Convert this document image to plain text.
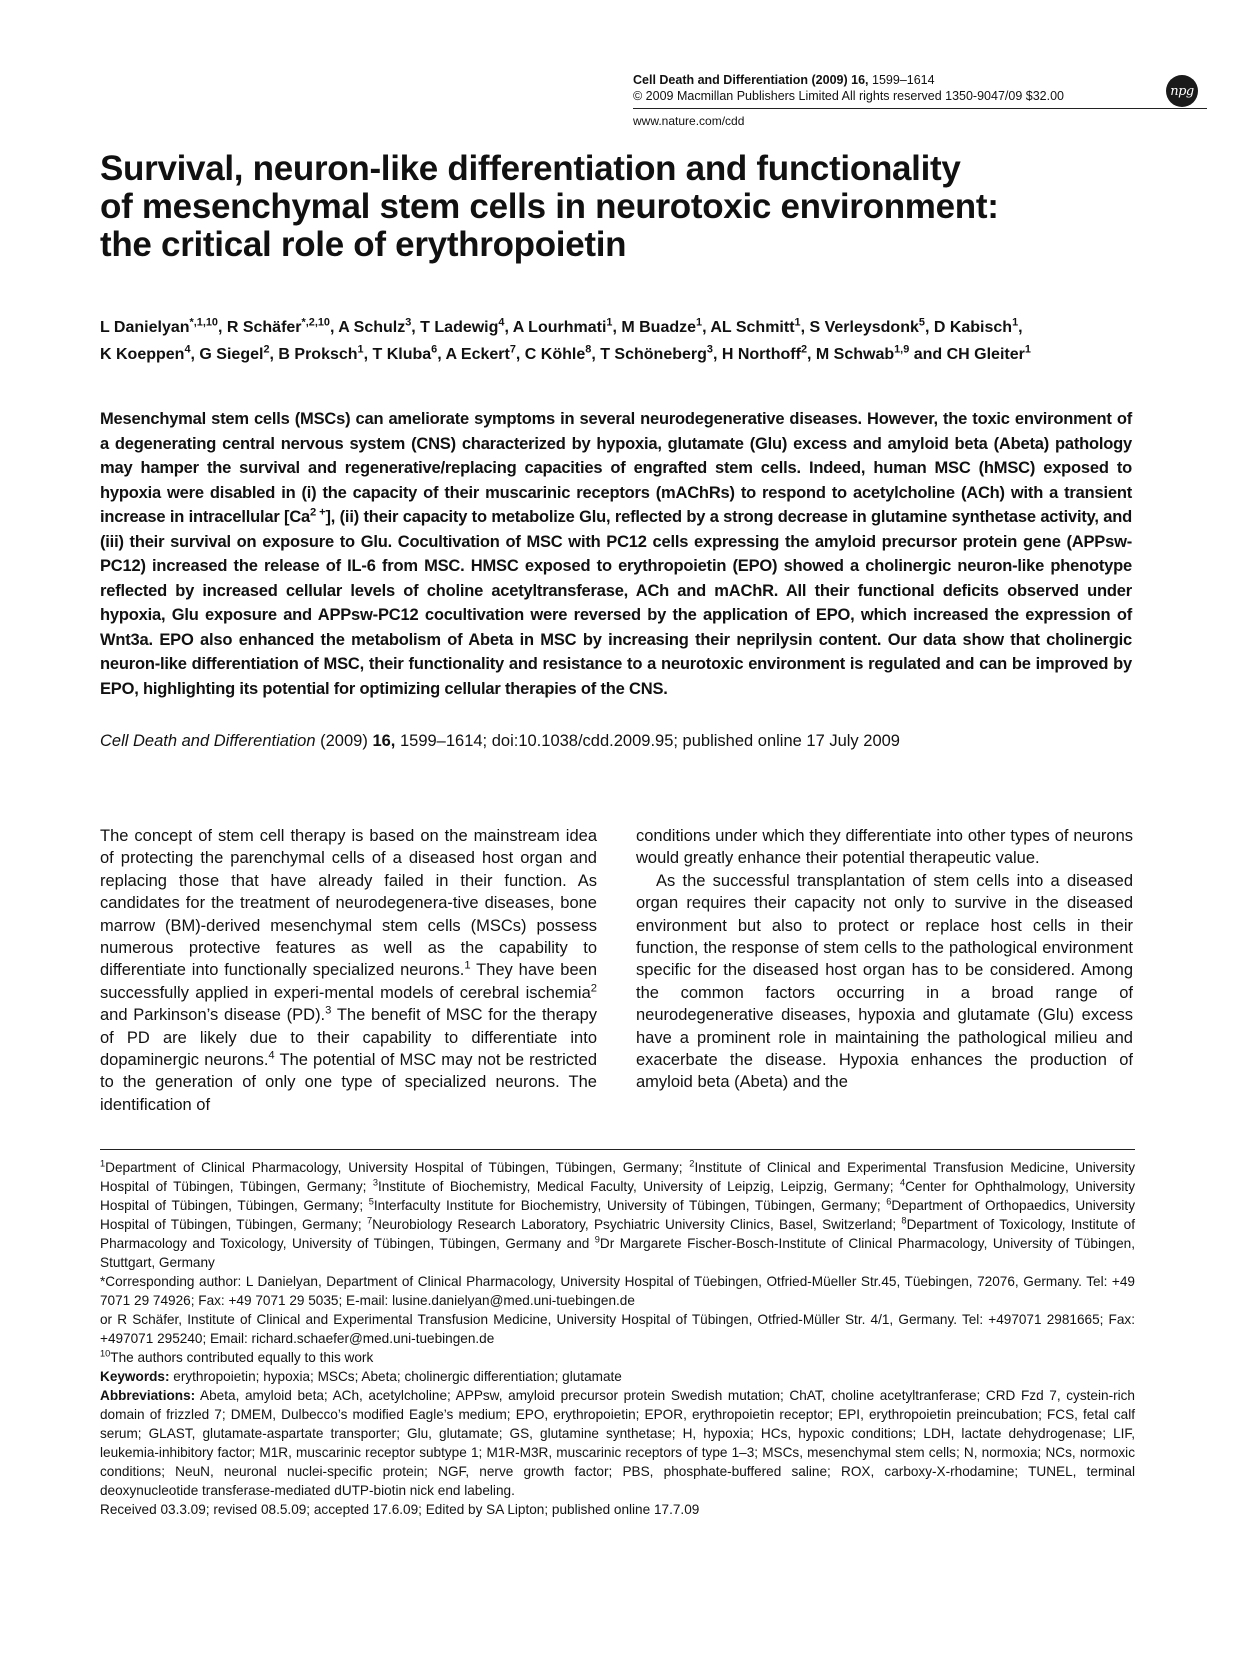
Cell Death and Differentiation (2009) 16, 1599–1614
© 2009 Macmillan Publishers Limited All rights reserved 1350-9047/09 $32.00
www.nature.com/cdd
npg
Survival, neuron-like differentiation and functionality
of mesenchymal stem cells in neurotoxic environment:
the critical role of erythropoietin
L Danielyan$^{*,1,10}$, R Schäfer$^{*,2,10}$, A Schulz$^3$, T Ladewig$^4$, A Lourhmati$^1$, M Buadze$^1$, AL Schmitt$^1$, S Verleysdonk$^5$, D Kabisch$^1$,
K Koeppen$^4$, G Siegel$^2$, B Proksch$^1$, T Kluba$^6$, A Eckert$^7$, C Köhle$^8$, T Schöneberg$^3$, H Northoff$^2$, M Schwab$^{1,9}$ and CH Gleiter$^1$
Mesenchymal stem cells (MSCs) can ameliorate symptoms in several neurodegenerative diseases. However, the toxic environment of a degenerating central nervous system (CNS) characterized by hypoxia, glutamate (Glu) excess and amyloid beta (Abeta) pathology may hamper the survival and regenerative/replacing capacities of engrafted stem cells. Indeed, human MSC (hMSC) exposed to hypoxia were disabled in (i) the capacity of their muscarinic receptors (mAChRs) to respond to acetylcholine (ACh) with a transient increase in intracellular $[Ca^{2 +}]$, (ii) their capacity to metabolize Glu, reflected by a strong decrease in glutamine synthetase activity, and (iii) their survival on exposure to Glu. Cocultivation of MSC with PC12 cells expressing the amyloid precursor protein gene (APPsw-PC12) increased the release of IL-6 from MSC. HMSC exposed to erythropoietin (EPO) showed a cholinergic neuron-like phenotype reflected by increased cellular levels of choline acetyltransferase, ACh and mAChR. All their functional deficits observed under hypoxia, Glu exposure and APPsw-PC12 cocultivation were reversed by the application of EPO, which increased the expression of Wnt3a. EPO also enhanced the metabolism of Abeta in MSC by increasing their neprilysin content. Our data show that cholinergic neuron-like differentiation of MSC, their functionality and resistance to a neurotoxic environment is regulated and can be improved by EPO, highlighting its potential for optimizing cellular therapies of the CNS.
Cell Death and Differentiation (2009) 16, 1599–1614; doi:10.1038/cdd.2009.95; published online 17 July 2009

The concept of stem cell therapy is based on the mainstream idea of protecting the parenchymal cells of a diseased host organ and replacing those that have already failed in their function. As candidates for the treatment of neurodegenera-tive diseases, bone marrow (BM)-derived mesenchymal stem cells (MSCs) possess numerous protective features as well as the capability to differentiate into functionally specialized neurons.$^1$ They have been successfully applied in experi-mental models of cerebral ischemia$^2$ and Parkinson’s disease (PD).$^3$ The benefit of MSC for the therapy of PD are likely due to their capability to differentiate into dopaminergic neurons.$^4$ The potential of MSC may not be restricted to the generation of only one type of specialized neurons. The identification of

conditions under which they differentiate into other types of neurons would greatly enhance their potential therapeutic value.

As the successful transplantation of stem cells into a diseased organ requires their capacity not only to survive in the diseased environment but also to protect or replace host cells in their function, the response of stem cells to the pathological environment specific for the diseased host organ has to be considered. Among the common factors occurring in a broad range of neurodegenerative diseases, hypoxia and glutamate (Glu) excess have a prominent role in maintaining the pathological milieu and exacerbate the disease. Hypoxia enhances the production of amyloid beta (Abeta) and the

$^1$Department of Clinical Pharmacology, University Hospital of Tübingen, Tübingen, Germany; $^2$Institute of Clinical and Experimental Transfusion Medicine, University Hospital of Tübingen, Tübingen, Germany; $^3$Institute of Biochemistry, Medical Faculty, University of Leipzig, Leipzig, Germany; $^4$Center for Ophthalmology, University Hospital of Tübingen, Tübingen, Germany; $^5$Interfaculty Institute for Biochemistry, University of Tübingen, Tübingen, Germany; $^6$Department of Orthopaedics, University Hospital of Tübingen, Tübingen, Germany; $^7$Neurobiology Research Laboratory, Psychiatric University Clinics, Basel, Switzerland; $^8$Department of Toxicology, Institute of Pharmacology and Toxicology, University of Tübingen, Tübingen, Germany and $^9$Dr Margarete Fischer-Bosch-Institute of Clinical Pharmacology, University of Tübingen, Stuttgart, Germany

*Corresponding author: L Danielyan, Department of Clinical Pharmacology, University Hospital of Tüebingen, Otfried-Müeller Str.45, Tüebingen, 72076, Germany. Tel: +49 7071 29 74926; Fax: +49 7071 29 5035; E-mail: lusine.danielyan@med.uni-tuebingen.de

or R Schäfer, Institute of Clinical and Experimental Transfusion Medicine, University Hospital of Tübingen, Otfried-Müller Str. 4/1, Germany. Tel: +497071 2981665; Fax: +497071 295240; Email: richard.schaefer@med.uni-tuebingen.de

$^{10}$The authors contributed equally to this work

Keywords: erythropoietin; hypoxia; MSCs; Abeta; cholinergic differentiation; glutamate

Abbreviations: Abeta, amyloid beta; ACh, acetylcholine; APPsw, amyloid precursor protein Swedish mutation; ChAT, choline acetyltranferase; CRD Fzd 7, cystein-rich domain of frizzled 7; DMEM, Dulbecco’s modified Eagle’s medium; EPO, erythropoietin; EPOR, erythropoietin receptor; EPI, erythropoietin preincubation; FCS, fetal calf serum; GLAST, glutamate-aspartate transporter; Glu, glutamate; GS, glutamine synthetase; H, hypoxia; HCs, hypoxic conditions; LDH, lactate dehydrogenase; LIF, leukemia-inhibitory factor; M1R, muscarinic receptor subtype 1; M1R-M3R, muscarinic receptors of type 1–3; MSCs, mesenchymal stem cells; N, normoxia; NCs, normoxic conditions; NeuN, neuronal nuclei-specific protein; NGF, nerve growth factor; PBS, phosphate-buffered saline; ROX, carboxy-X-rhodamine; TUNEL, terminal deoxynucleotide transferase-mediated dUTP-biotin nick end labeling.

Received 03.3.09; revised 08.5.09; accepted 17.6.09; Edited by SA Lipton; published online 17.7.09
